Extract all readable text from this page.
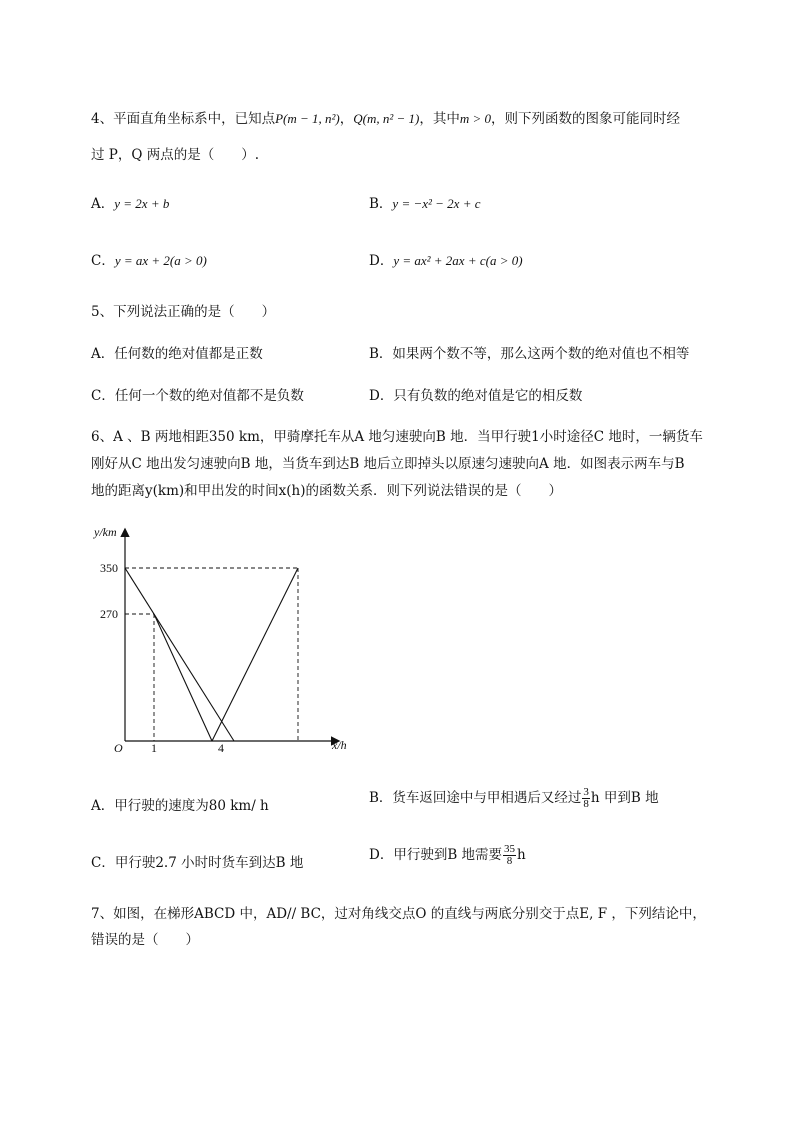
4、平面直角坐标系中，已知点P(m − 1, n²)，Q(m, n² − 1)，其中m > 0，则下列函数的图象可能同时经
过 P，Q 两点的是（　　）.
A．y = 2x + b	B．y = −x² − 2x + c
C．y = ax + 2(a > 0)	D．y = ax² + 2ax + c(a > 0)
5、下列说法正确的是（　　）
A．任何数的绝对值都是正数	B．如果两个数不等，那么这两个数的绝对值也不相等
C．任何一个数的绝对值都不是负数	D．只有负数的绝对值是它的相反数
6、A 、B 两地相距350 km，甲骑摩托车从A 地匀速驶向B 地．当甲行驶1小时途径C 地时，一辆货车
刚好从C 地出发匀速驶向B 地，当货车到达B 地后立即掉头以原速匀速驶向A 地．如图表示两车与B
地的距离y(km)和甲出发的时间x(h)的函数关系．则下列说法错误的是（　　）
y/km
350
270
O 1	4	x/h
A．甲行驶的速度为80 km/ h	B．货车返回途中与甲相遇后又经过 $\frac{3}{8}$ h 甲到B 地
C．甲行驶2.7 小时时货车到达B 地	D．甲行驶到B 地需要 $\frac{35}{8}$ h
7、如图，在梯形ABCD 中，AD// BC，过对角线交点O 的直线与两底分别交于点E, F ，下列结论中，
错误的是（　　）
